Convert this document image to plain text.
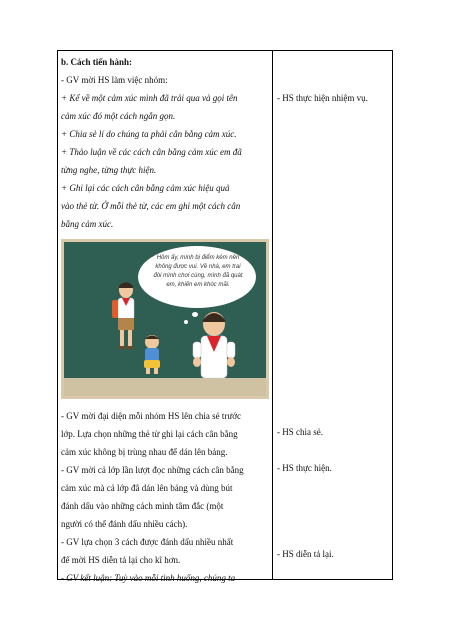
b. Cách tiến hành:

- GV mời HS làm việc nhóm:

+ Kể về một cảm xúc mình đã trải qua và gọi tên

cảm xúc đó một cách ngắn gọn.

+ Chia sẻ lí do chúng ta phải cân bằng cảm xúc.

+ Thảo luận về các cách cân bằng cảm xúc em đã

từng nghe, từng thực hiện.

+ Ghi lại các cách cân bằng cảm xúc hiệu quả

vào thẻ từ. Ở mỗi thẻ từ, các em ghi một cách cân

bằng cảm xúc.

Hôm ấy, mình bị điểm kém nên không được vui. Về nhà, em trai đòi mình chơi cùng, mình đã quát em, khiến em khóc mãi.

- GV mời đại diện mỗi nhóm HS lên chia sẻ trước

lớp. Lựa chọn những thẻ từ ghi lại cách cân bằng

cảm xúc không bị trùng nhau để dán lên bảng.

- GV mời cả lớp lần lượt đọc những cách cân bằng

cảm xúc mà cả lớp đã dán lên bảng và dùng bút

đánh dấu vào những cách mình tâm đắc (một

người có thể đánh dấu nhiều cách).

- GV lựa chọn 3 cách được đánh dấu nhiều nhất

để mời HS diễn tả lại cho kĩ hơn.

- GV kết luận: Tuỳ vào mỗi tình huống, chúng ta

- HS thực hiện nhiệm vụ.
- HS chia sẻ.
- HS thực hiện.
- HS diễn tả lại.
